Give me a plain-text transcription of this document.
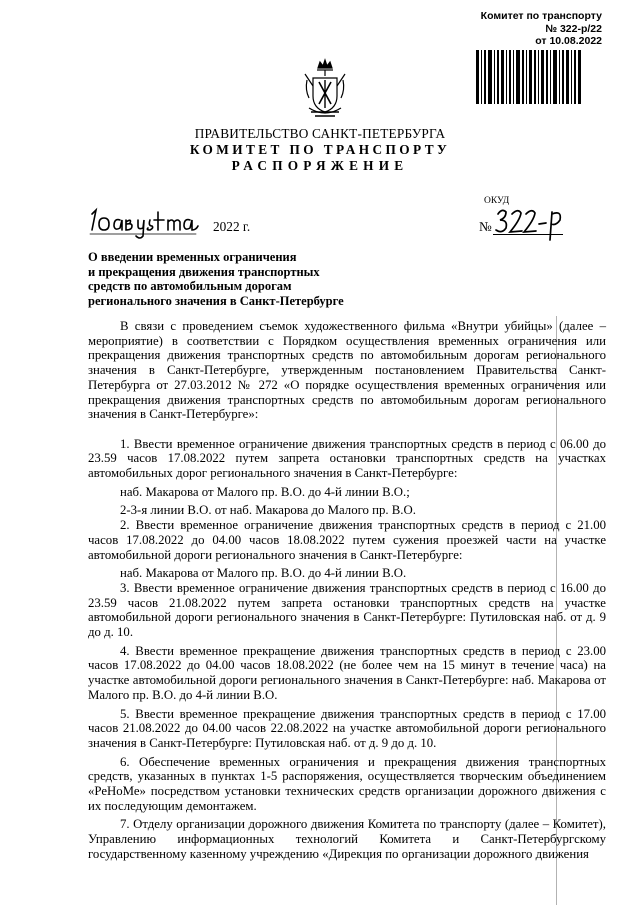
Комитет по транспорту
№ 322-р/22
от 10.08.2022
ПРАВИТЕЛЬСТВО САНКТ-ПЕТЕРБУРГА
КОМИТЕТ ПО ТРАНСПОРТУ
РАСПОРЯЖЕНИЕ
ОКУД
2022 г.	№
О введении временных ограничения
и прекращения движения транспортных
средств по автомобильным дорогам
регионального значения в Санкт-Петербурге

В связи с проведением съемок художественного фильма «Внутри убийцы» (далее – мероприятие) в соответствии с Порядком осуществления временных ограничения или прекращения движения транспортных средств по автомобильным дорогам регионального значения в Санкт-Петербурге, утвержденным постановлением Правительства Санкт-Петербурга от 27.03.2012 № 272 «О порядке осуществления временных ограничения или прекращения движения транспортных средств по автомобильным дорогам регионального значения в Санкт-Петербурге»:

1. Ввести временное ограничение движения транспортных средств в период с 06.00 до 23.59 часов 17.08.2022 путем запрета остановки транспортных средств на участках автомобильных дорог регионального значения в Санкт-Петербурге:

наб. Макарова от Малого пр. В.О. до 4-й линии В.О.;

2-3-я линии В.О. от наб. Макарова до Малого пр. В.О.

2. Ввести временное ограничение движения транспортных средств в период с 21.00 часов 17.08.2022 до 04.00 часов 18.08.2022 путем сужения проезжей части на участке автомобильной дороги регионального значения в Санкт-Петербурге:

наб. Макарова от Малого пр. В.О. до 4-й линии В.О.

3. Ввести временное ограничение движения транспортных средств в период с 16.00 до 23.59 часов 21.08.2022 путем запрета остановки транспортных средств на участке автомобильной дороги регионального значения в Санкт-Петербурге: Путиловская наб. от д. 9 до д. 10.

4. Ввести временное прекращение движения транспортных средств в период с 23.00 часов 17.08.2022 до 04.00 часов 18.08.2022 (не более чем на 15 минут в течение часа) на участке автомобильной дороги регионального значения в Санкт-Петербурге: наб. Макарова от Малого пр. В.О. до 4-й линии В.О.

5. Ввести временное прекращение движения транспортных средств в период с 17.00 часов 21.08.2022 до 04.00 часов 22.08.2022 на участке автомобильной дороги регионального значения в Санкт-Петербурге: Путиловская наб. от д. 9 до д. 10.

6. Обеспечение временных ограничения и прекращения движения транспортных средств, указанных в пунктах 1-5 распоряжения, осуществляется творческим объединением «РеНоМе» посредством установки технических средств организации дорожного движения с их последующим демонтажем.

7. Отделу организации дорожного движения Комитета по транспорту (далее – Комитет), Управлению информационных технологий Комитета и Санкт-Петербургскому государственному казенному учреждению «Дирекция по организации дорожного движения
